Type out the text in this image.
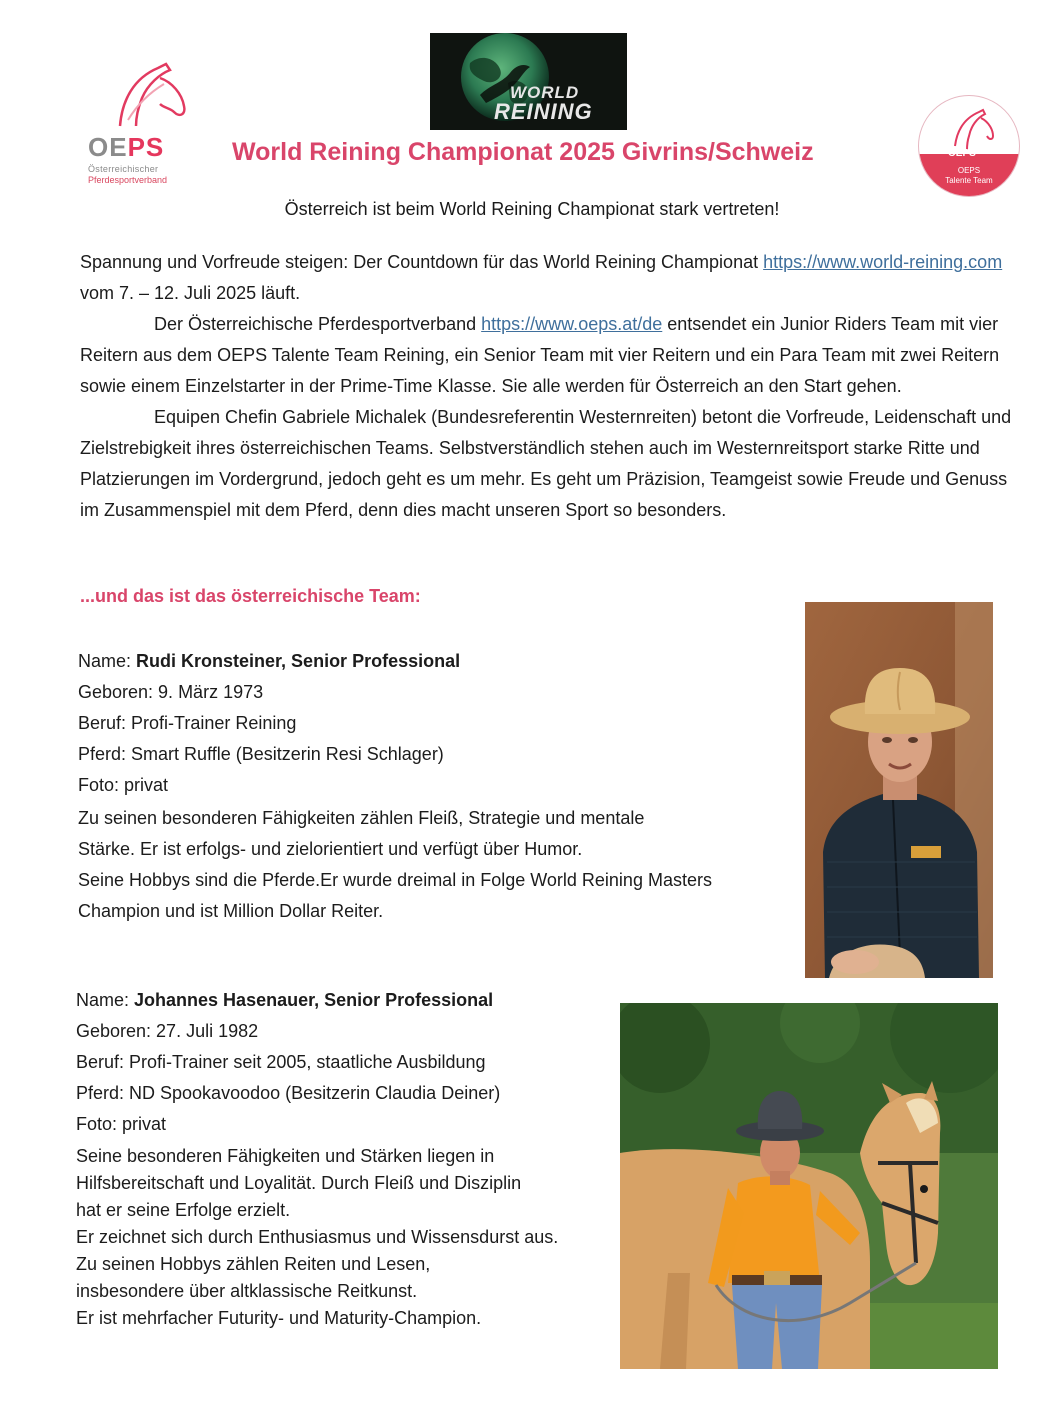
OEPS
Österreichischer
Pferdesportverband
WORLD
REINING
OEPS
OEPS
Talente Team
World Reining Championat 2025 Givrins/Schweiz
Österreich ist beim World Reining Championat stark vertreten!

Spannung und Vorfreude steigen: Der Countdown für das World Reining Championat https://www.world-reining.com vom 7. – 12. Juli 2025 läuft.

Der Österreichische Pferdesportverband https://www.oeps.at/de entsendet ein Junior Riders Team mit vier Reitern aus dem OEPS Talente Team Reining, ein Senior Team mit vier Reitern und ein Para Team mit zwei Reitern sowie einem Einzelstarter in der Prime-Time Klasse. Sie alle werden für Österreich an den Start gehen.

Equipen Chefin Gabriele Michalek (Bundesreferentin Westernreiten) betont die Vorfreude, Leidenschaft und Zielstrebigkeit ihres österreichischen Teams. Selbstverständlich stehen auch im Westernreitsport starke Ritte und Platzierungen im Vordergrund, jedoch geht es um mehr. Es geht um Präzision, Teamgeist sowie Freude und Genuss im Zusammenspiel mit dem Pferd, denn dies macht unseren Sport so besonders.

...und das ist das österreichische Team:
Name: Rudi Kronsteiner, Senior Professional
Geboren: 9. März 1973
Beruf: Profi-Trainer Reining
Pferd: Smart Ruffle (Besitzerin Resi Schlager)
Foto: privat
Zu seinen besonderen Fähigkeiten zählen Fleiß, Strategie und mentale
Stärke. Er ist erfolgs- und zielorientiert und verfügt über Humor.
Seine Hobbys sind die Pferde.Er wurde dreimal in Folge World Reining Masters
Champion und ist Million Dollar Reiter.
Name: Johannes Hasenauer, Senior Professional
Geboren: 27. Juli 1982
Beruf: Profi-Trainer seit 2005, staatliche Ausbildung
Pferd: ND Spookavoodoo (Besitzerin Claudia Deiner)
Foto: privat
Seine besonderen Fähigkeiten und Stärken liegen in
Hilfsbereitschaft und Loyalität. Durch Fleiß und Disziplin
hat er seine Erfolge erzielt.
Er zeichnet sich durch Enthusiasmus und Wissensdurst aus.
Zu seinen Hobbys zählen Reiten und Lesen,
insbesondere über altklassische Reitkunst.
Er ist mehrfacher Futurity- und Maturity-Champion.
